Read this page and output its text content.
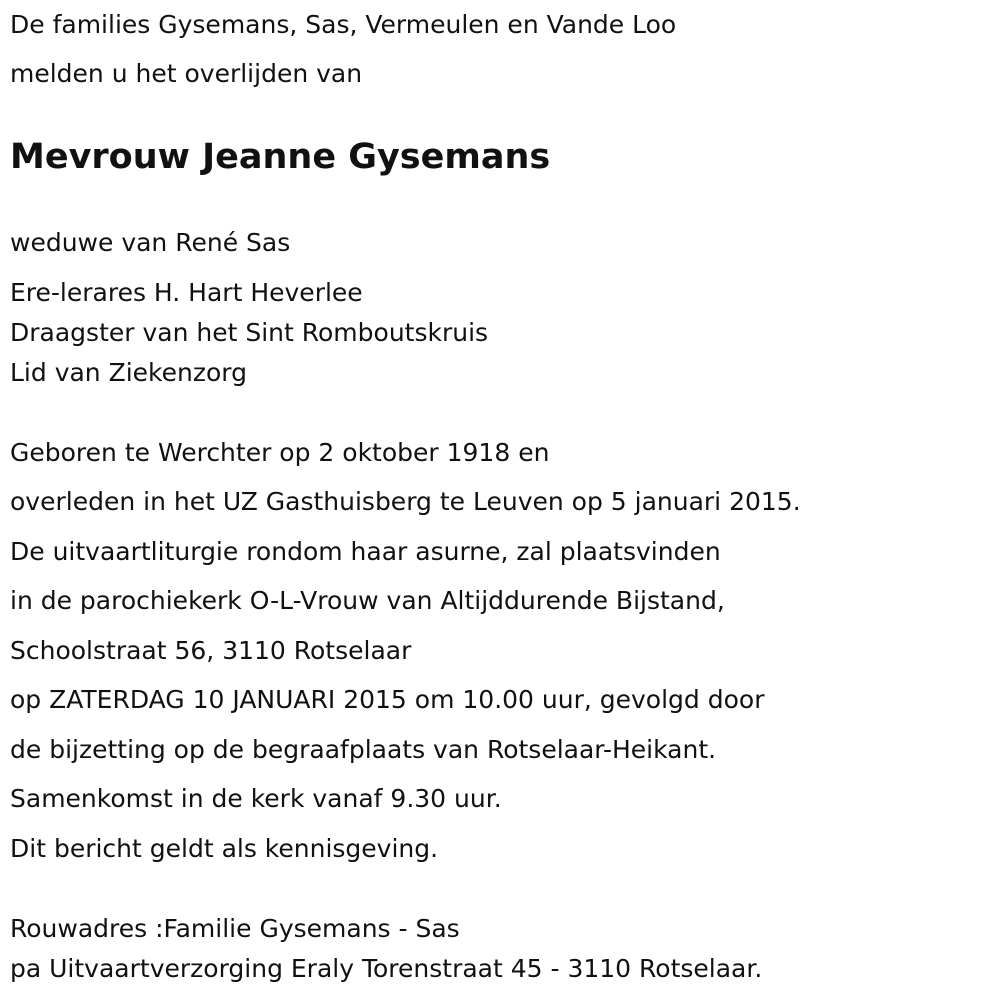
De families Gysemans, Sas, Vermeulen en Vande Loo

melden u het overlijden van

Mevrouw Jeanne Gysemans

weduwe van René Sas

Ere-lerares H. Hart Heverlee

Draagster van het Sint Romboutskruis

Lid van Ziekenzorg

Geboren te Werchter op 2 oktober 1918 en

overleden in het UZ Gasthuisberg te Leuven op 5 januari 2015.

De uitvaartliturgie rondom haar asurne, zal plaatsvinden

in de parochiekerk O-L-Vrouw van Altijddurende Bijstand,

Schoolstraat 56, 3110 Rotselaar

op ZATERDAG 10 JANUARI 2015 om 10.00 uur, gevolgd door

de bijzetting op de begraafplaats van Rotselaar-Heikant.

Samenkomst in de kerk vanaf 9.30 uur.

Dit bericht geldt als kennisgeving.

Rouwadres :Familie Gysemans - Sas

pa Uitvaartverzorging Eraly Torenstraat 45 - 3110 Rotselaar.
